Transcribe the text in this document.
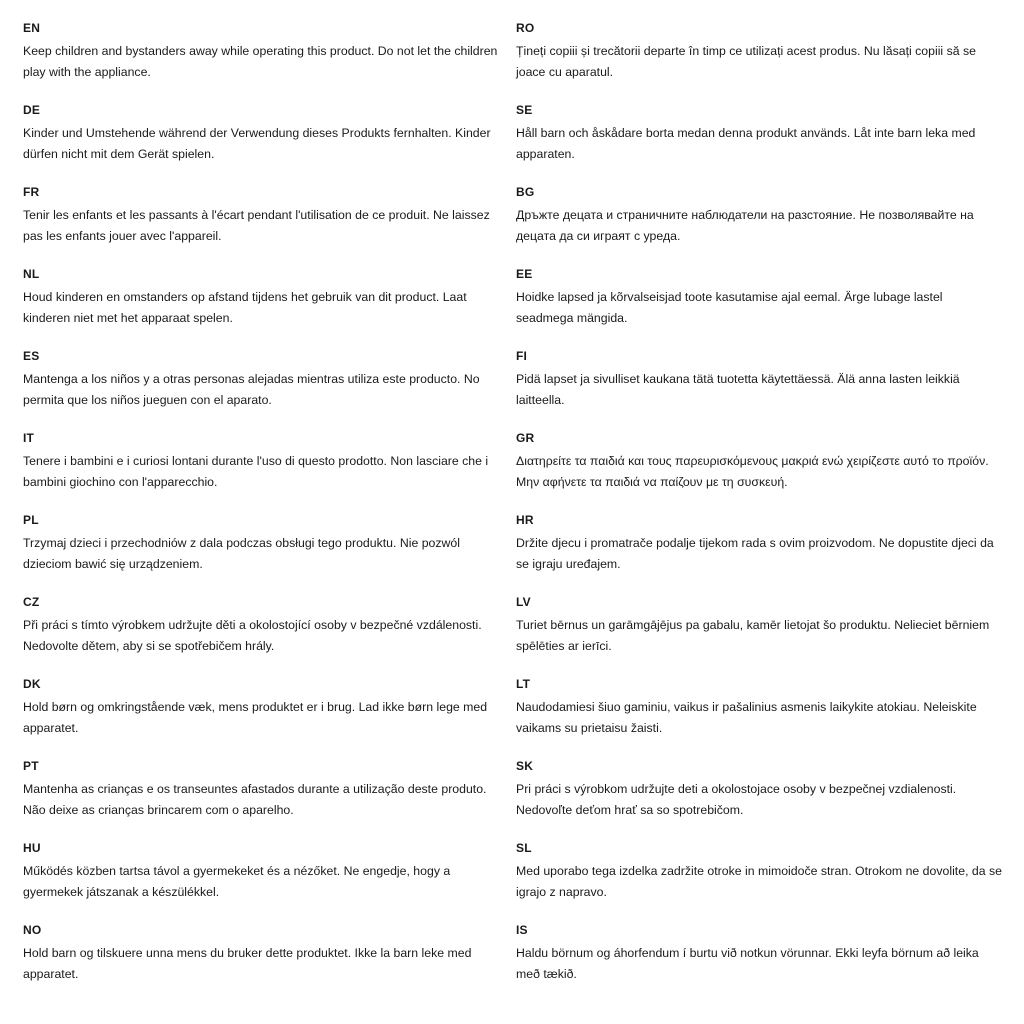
EN
Keep children and bystanders away while operating this product. Do not let the children play with the appliance.
DE
Kinder und Umstehende während der Verwendung dieses Produkts fernhalten. Kinder dürfen nicht mit dem Gerät spielen.
FR
Tenir les enfants et les passants à l'écart pendant l'utilisation de ce produit. Ne laissez pas les enfants jouer avec l'appareil.
NL
Houd kinderen en omstanders op afstand tijdens het gebruik van dit product. Laat kinderen niet met het apparaat spelen.
ES
Mantenga a los niños y a otras personas alejadas mientras utiliza este producto. No permita que los niños jueguen con el aparato.
IT
Tenere i bambini e i curiosi lontani durante l'uso di questo prodotto. Non lasciare che i bambini giochino con l'apparecchio.
PL
Trzymaj dzieci i przechodniów z dala podczas obsługi tego produktu. Nie pozwól dzieciom bawić się urządzeniem.
CZ
Při práci s tímto výrobkem udržujte děti a okolostojící osoby v bezpečné vzdálenosti. Nedovolte dětem, aby si se spotřebičem hrály.
DK
Hold børn og omkringstående væk, mens produktet er i brug. Lad ikke børn lege med apparatet.
PT
Mantenha as crianças e os transeuntes afastados durante a utilização deste produto. Não deixe as crianças brincarem com o aparelho.
HU
Működés közben tartsa távol a gyermekeket és a nézőket. Ne engedje, hogy a gyermekek játszanak a készülékkel.
NO
Hold barn og tilskuere unna mens du bruker dette produktet. Ikke la barn leke med apparatet.
RO
Țineți copiii și trecătorii departe în timp ce utilizați acest produs. Nu lăsați copiii să se joace cu aparatul.
SE
Håll barn och åskådare borta medan denna produkt används. Låt inte barn leka med apparaten.
BG
Дръжте децата и страничните наблюдатели на разстояние. Не позволявайте на децата да си играят с уреда.
EE
Hoidke lapsed ja kõrvalseisjad toote kasutamise ajal eemal. Ärge lubage lastel seadmega mängida.
FI
Pidä lapset ja sivulliset kaukana tätä tuotetta käytettäessä. Älä anna lasten leikkiä laitteella.
GR
Διατηρείτε τα παιδιά και τους παρευρισκόμενους μακριά ενώ χειρίζεστε αυτό το προϊόν. Μην αφήνετε τα παιδιά να παίζουν με τη συσκευή.
HR
Držite djecu i promatrače podalje tijekom rada s ovim proizvodom. Ne dopustite djeci da se igraju uređajem.
LV
Turiet bērnus un garāmgājējus pa gabalu, kamēr lietojat šo produktu. Nelieciet bērniem spēlēties ar ierīci.
LT
Naudodamiesi šiuo gaminiu, vaikus ir pašalinius asmenis laikykite atokiau. Neleiskite vaikams su prietaisu žaisti.
SK
Pri práci s výrobkom udržujte deti a okolostojace osoby v bezpečnej vzdialenosti. Nedovoľte deťom hrať sa so spotrebičom.
SL
Med uporabo tega izdelka zadržite otroke in mimoidoče stran. Otrokom ne dovolite, da se igrajo z napravo.
IS
Haldu börnum og áhorfendum í burtu við notkun vörunnar. Ekki leyfa börnum að leika með tækið.
